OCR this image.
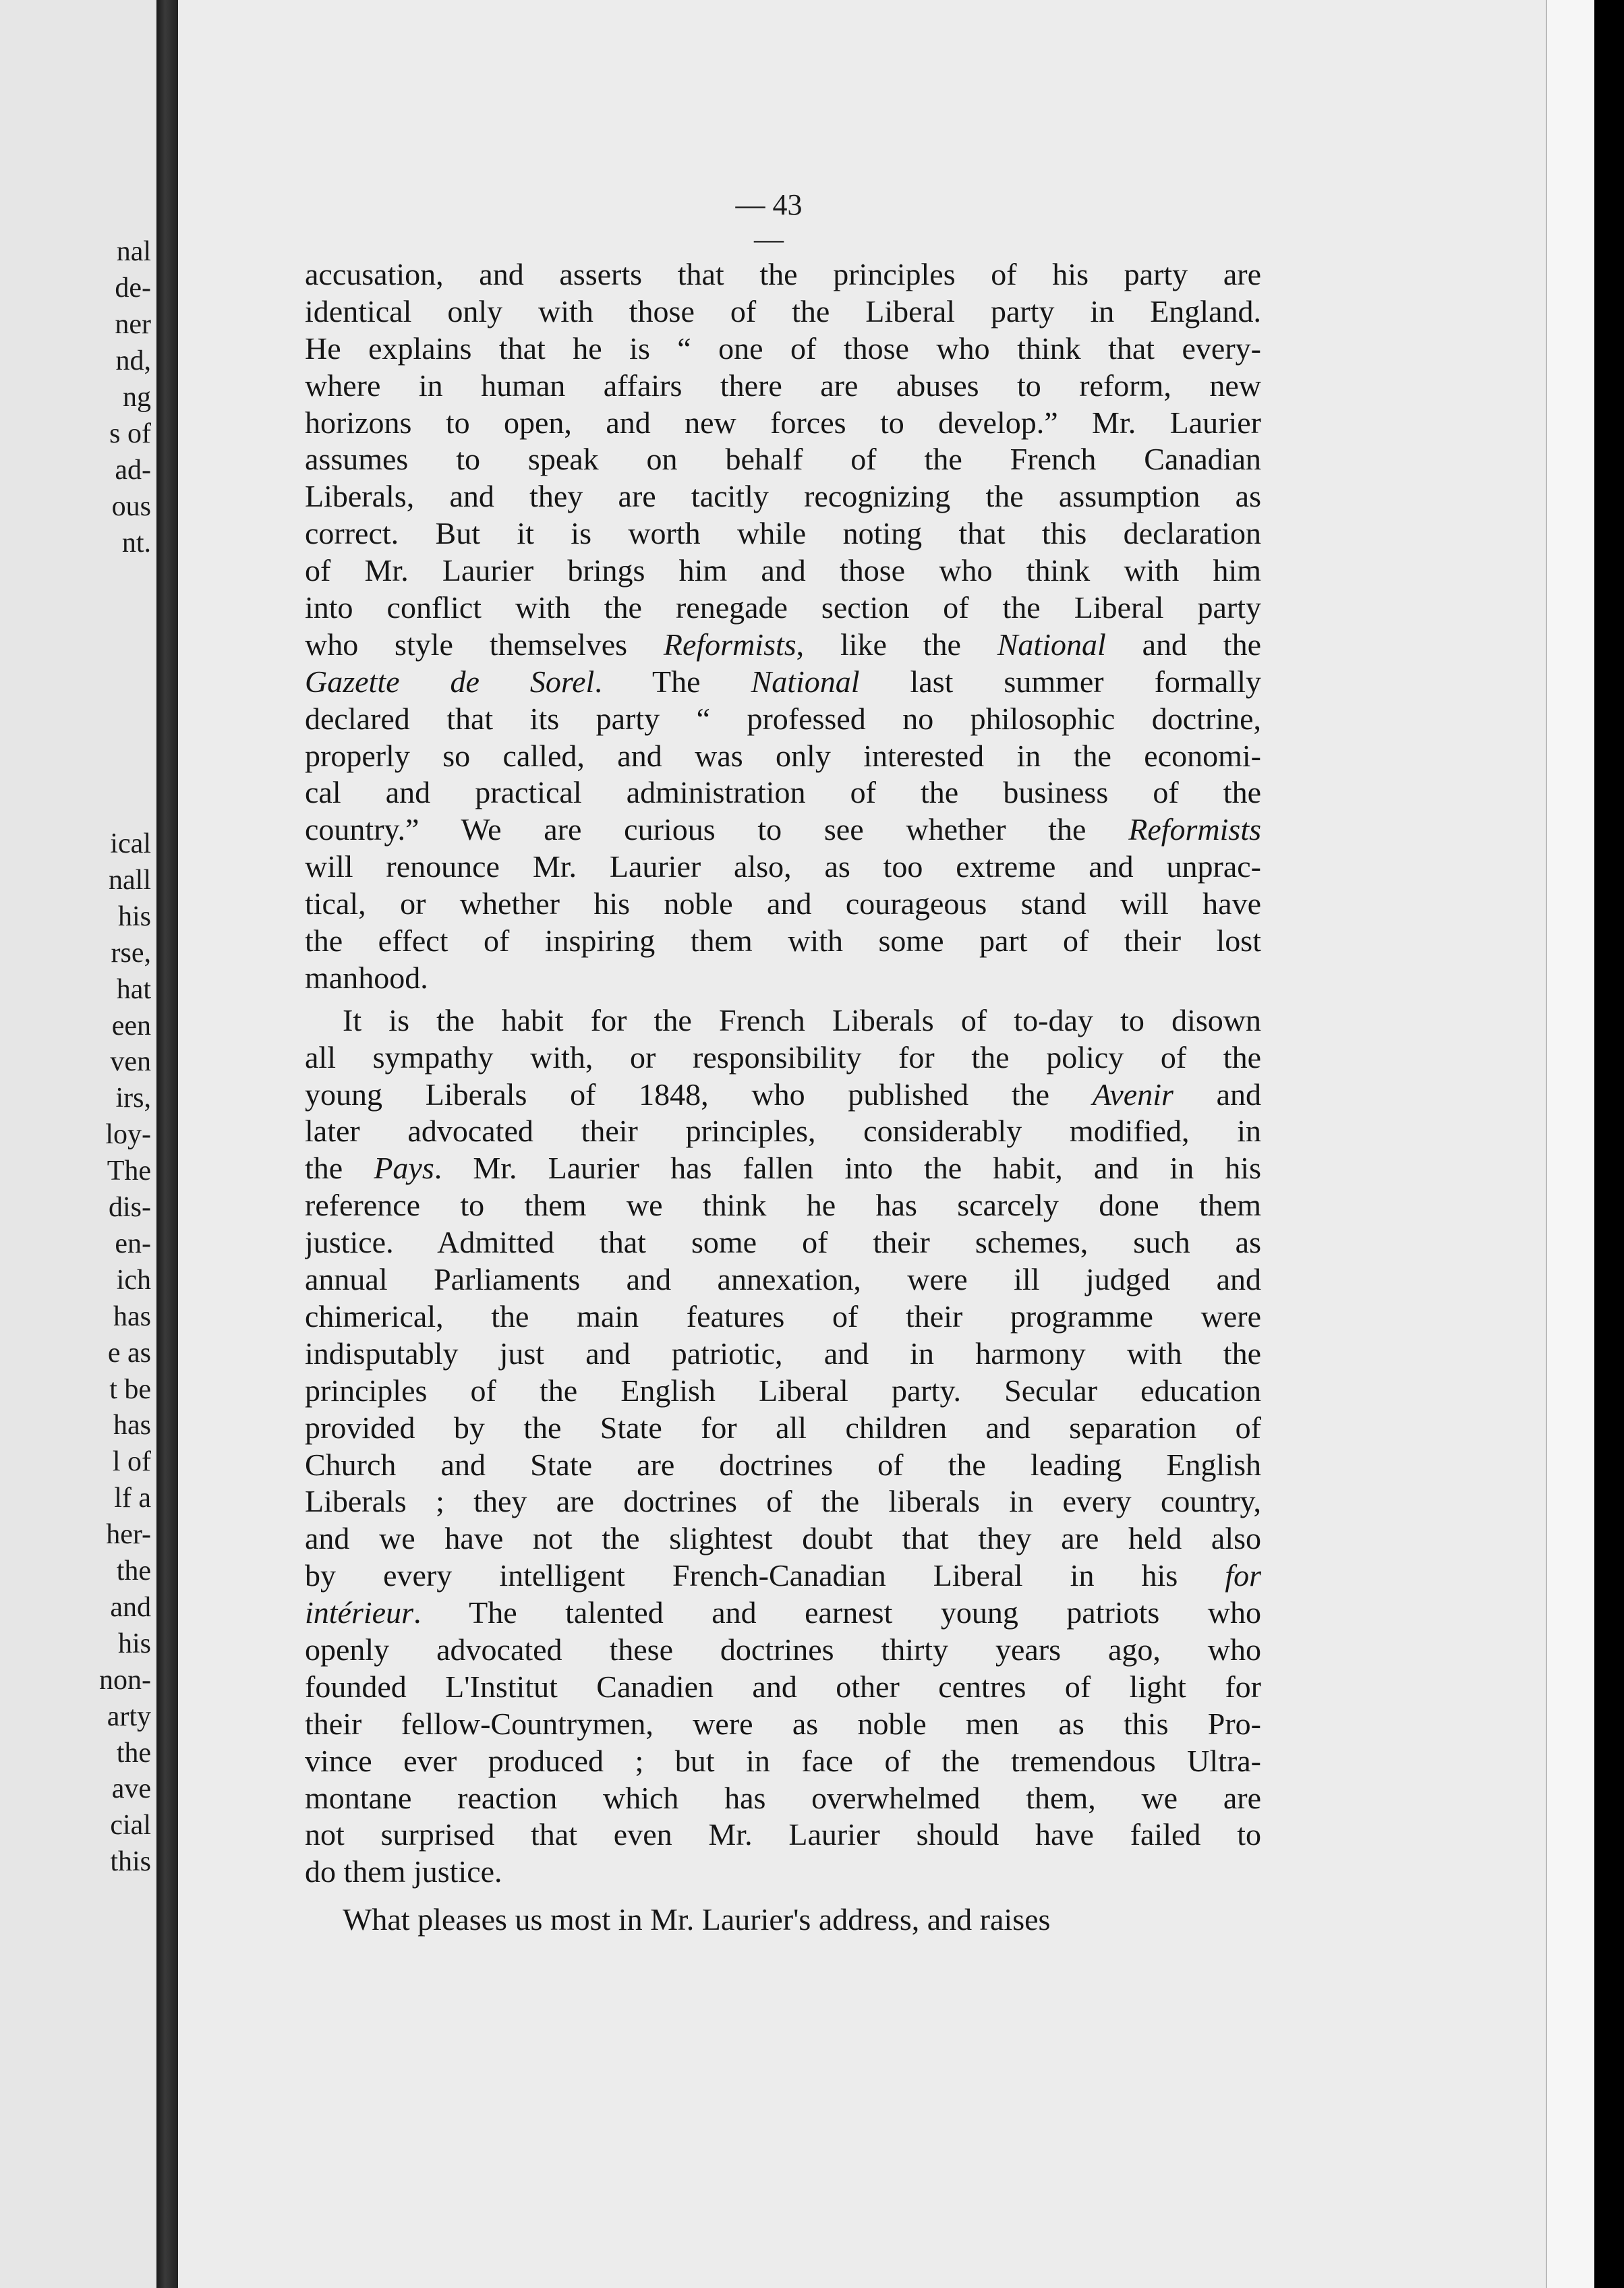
nal
de-
ner
nd,
ng
s of
ad-
ous
nt.
ical
nall
his
rse,
hat
een
ven
irs,
loy-
The
dis-
en-
ich
has
e as
t be
has
l of
lf a
her-
the
and
his
non-
arty
the
ave
cial
this
— 43 —
accusation, and asserts that the principles of his party are
identical only with those of the Liberal party in England.
He explains that he is “ one of those who think that every-
where in human affairs there are abuses to reform, new
horizons to open, and new forces to develop.” Mr. Laurier
assumes to speak on behalf of the French Canadian
Liberals, and they are tacitly recognizing the assumption as
correct. But it is worth while noting that this declaration
of Mr. Laurier brings him and those who think with him
into conflict with the renegade section of the Liberal party
who style themselves Reformists, like the National and the
Gazette de Sorel. The National last summer formally
declared that its party “ professed no philosophic doctrine,
properly so called, and was only interested in the economi-
cal and practical administration of the business of the
country.” We are curious to see whether the Reformists
will renounce Mr. Laurier also, as too extreme and unprac-
tical, or whether his noble and courageous stand will have
the effect of inspiring them with some part of their lost
manhood.
It is the habit for the French Liberals of to-day to disown
all sympathy with, or responsibility for the policy of the
young Liberals of 1848, who published the Avenir and
later advocated their principles, considerably modified, in
the Pays. Mr. Laurier has fallen into the habit, and in his
reference to them we think he has scarcely done them
justice. Admitted that some of their schemes, such as
annual Parliaments and annexation, were ill judged and
chimerical, the main features of their programme were
indisputably just and patriotic, and in harmony with the
principles of the English Liberal party. Secular education
provided by the State for all children and separation of
Church and State are doctrines of the leading English
Liberals ; they are doctrines of the liberals in every country,
and we have not the slightest doubt that they are held also
by every intelligent French-Canadian Liberal in his for
intérieur. The talented and earnest young patriots who
openly advocated these doctrines thirty years ago, who
founded L'Institut Canadien and other centres of light for
their fellow-Countrymen, were as noble men as this Pro-
vince ever produced ; but in face of the tremendous Ultra-
montane reaction which has overwhelmed them, we are
not surprised that even Mr. Laurier should have failed to
do them justice.
What pleases us most in Mr. Laurier's address, and raises
